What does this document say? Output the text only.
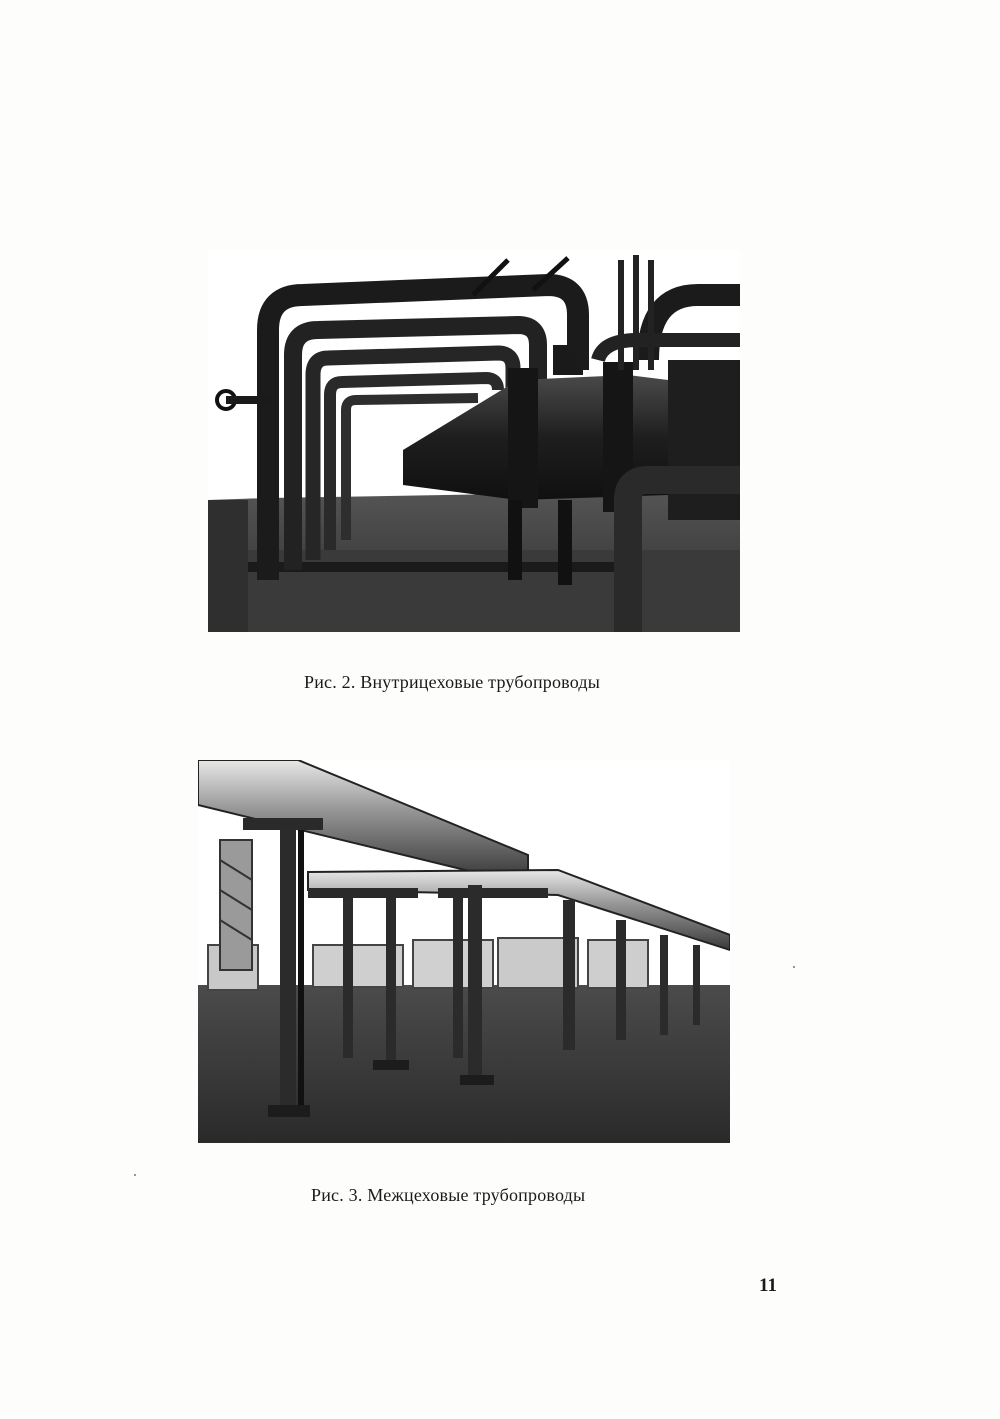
Рис. 2. Внутрицеховые трубопроводы
Рис. 3. Межцеховые трубопроводы
11
